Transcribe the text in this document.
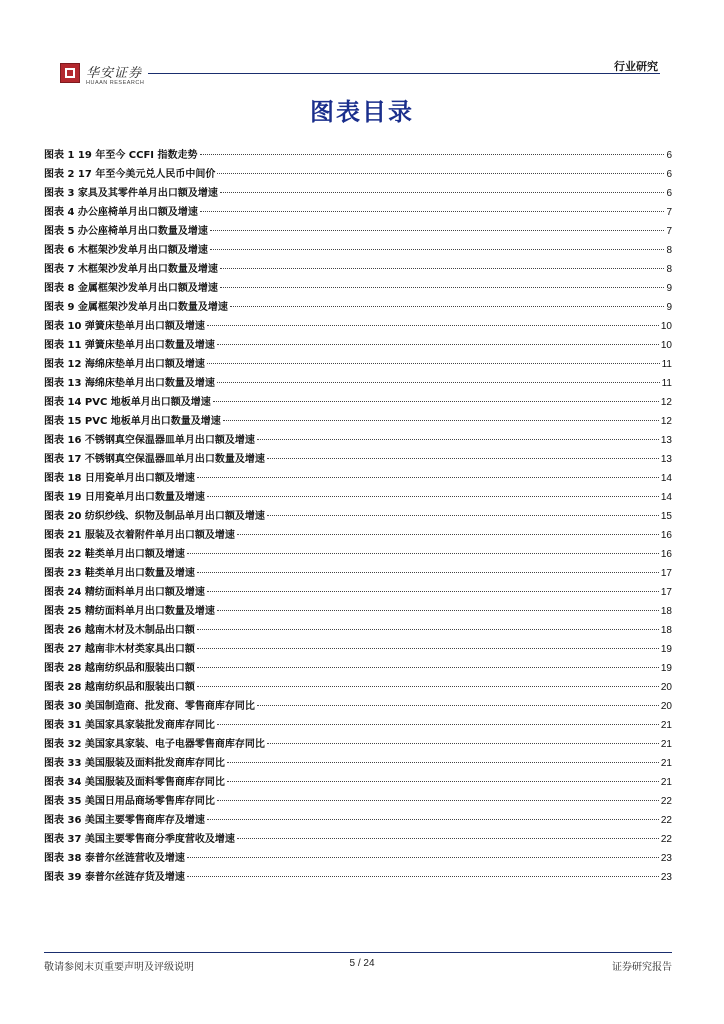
华安证券
HUAAN RESEARCH
行业研究
图表目录
图表 1 19 年至今 CCFI 指数走势	6
图表 2 17 年至今美元兑人民币中间价	6
图表 3 家具及其零件单月出口额及增速	6
图表 4 办公座椅单月出口额及增速	7
图表 5 办公座椅单月出口数量及增速	7
图表 6 木框架沙发单月出口额及增速	8
图表 7 木框架沙发单月出口数量及增速	8
图表 8 金属框架沙发单月出口额及增速	9
图表 9 金属框架沙发单月出口数量及增速	9
图表 10 弹簧床垫单月出口额及增速	10
图表 11 弹簧床垫单月出口数量及增速	10
图表 12 海绵床垫单月出口额及增速	11
图表 13 海绵床垫单月出口数量及增速	11
图表 14 PVC 地板单月出口额及增速	12
图表 15 PVC 地板单月出口数量及增速	12
图表 16 不锈钢真空保温器皿单月出口额及增速	13
图表 17 不锈钢真空保温器皿单月出口数量及增速	13
图表 18 日用瓷单月出口额及增速	14
图表 19 日用瓷单月出口数量及增速	14
图表 20 纺织纱线、织物及制品单月出口额及增速	15
图表 21 服装及衣着附件单月出口额及增速	16
图表 22 鞋类单月出口额及增速	16
图表 23 鞋类单月出口数量及增速	17
图表 24 精纺面料单月出口额及增速	17
图表 25 精纺面料单月出口数量及增速	18
图表 26 越南木材及木制品出口额	18
图表 27 越南非木材类家具出口额	19
图表 28 越南纺织品和服装出口额	19
图表 28 越南纺织品和服装出口额	20
图表 30 美国制造商、批发商、零售商库存同比	20
图表 31 美国家具家装批发商库存同比	21
图表 32 美国家具家装、电子电器零售商库存同比	21
图表 33 美国服装及面料批发商库存同比	21
图表 34 美国服装及面料零售商库存同比	21
图表 35 美国日用品商场零售库存同比	22
图表 36 美国主要零售商库存及增速	22
图表 37 美国主要零售商分季度营收及增速	22
图表 38 泰普尔丝涟营收及增速	23
图表 39 泰普尔丝涟存货及增速	23
敬请参阅末页重要声明及评级说明	5 / 24	证券研究报告
